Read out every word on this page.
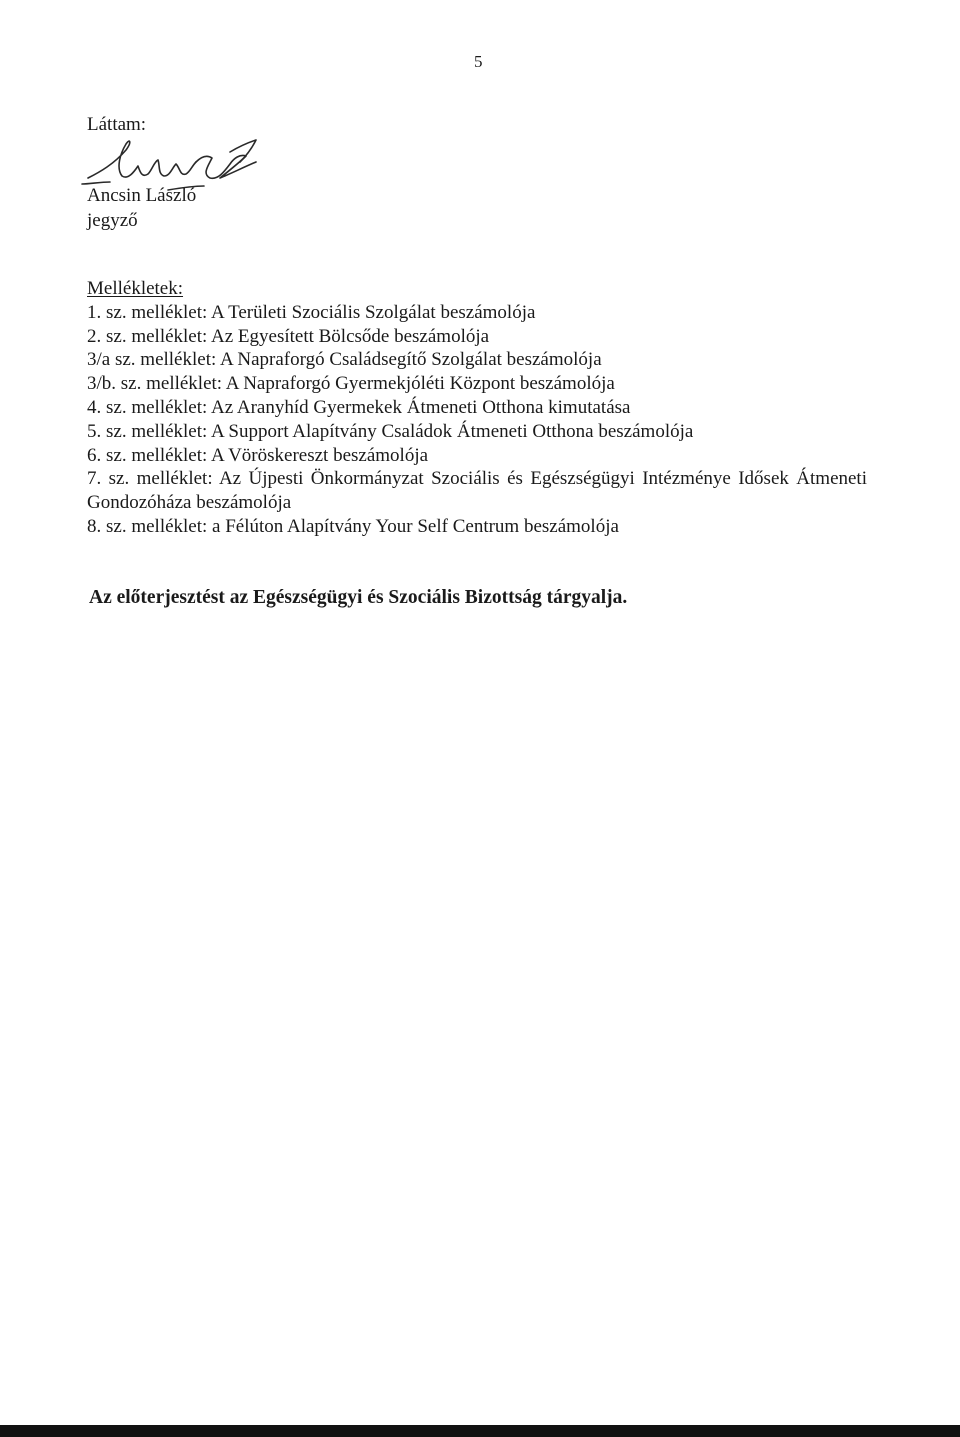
5
Láttam:
Ancsin László
jegyző
Mellékletek:

1. sz. melléklet: A Területi Szociális Szolgálat beszámolója

2. sz. melléklet: Az Egyesített Bölcsőde beszámolója

3/a sz. melléklet: A Napraforgó Családsegítő Szolgálat beszámolója

3/b. sz. melléklet: A Napraforgó Gyermekjóléti Központ beszámolója

4. sz. melléklet: Az Aranyhíd Gyermekek Átmeneti Otthona kimutatása

5. sz. melléklet: A Support Alapítvány Családok Átmeneti Otthona beszámolója

6. sz. melléklet: A Vöröskereszt beszámolója

7. sz. melléklet: Az Újpesti Önkormányzat Szociális és Egészségügyi Intézménye Idősek Átmeneti Gondozóháza beszámolója

8. sz. melléklet: a Félúton Alapítvány Your Self Centrum beszámolója

Az előterjesztést az Egészségügyi és Szociális Bizottság tárgyalja.
